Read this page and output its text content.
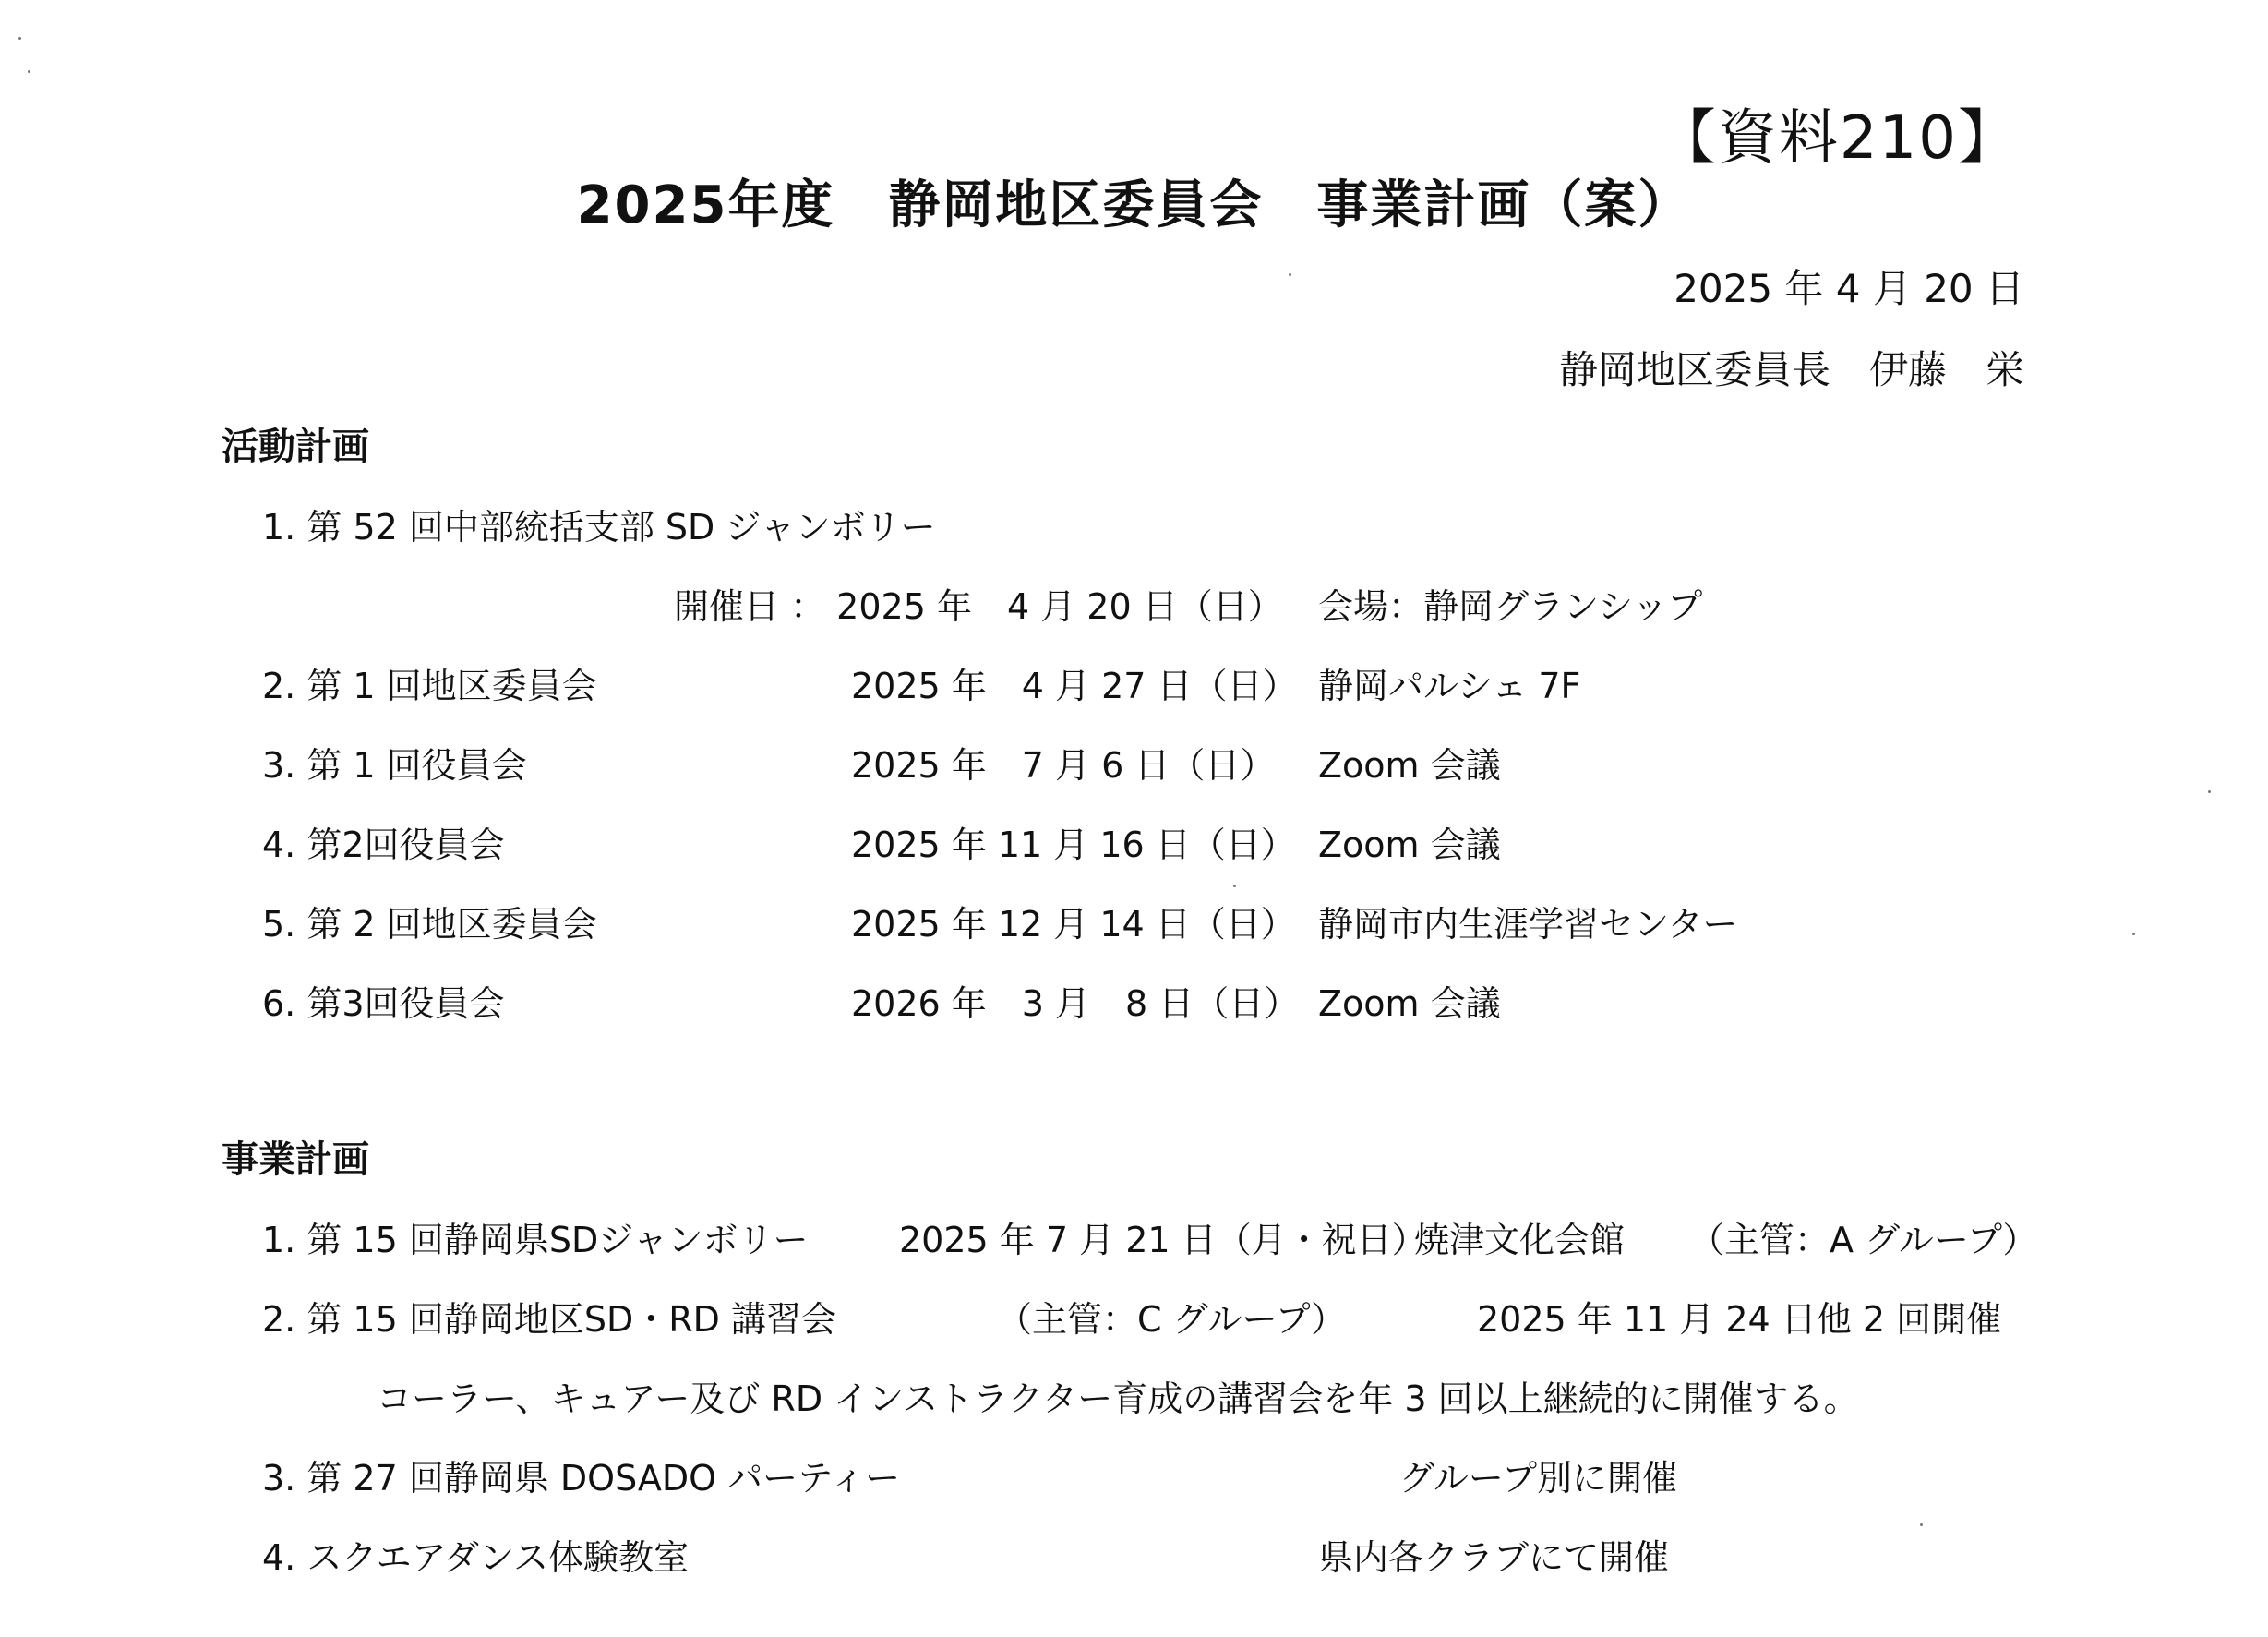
【資料210】
2025年度　静岡地区委員会　事業計画（案）
2025 年 4 月 20 日
静岡地区委員長　伊藤　栄
活動計画
1. 第 52 回中部統括支部 SD ジャンボリー
開催日 ： 2025 年　4 月 20 日（日） 会場：静岡グランシップ
2. 第 1 回地区委員会	2025 年　4 月 27 日（日） 静岡パルシェ 7F
3. 第 1 回役員会	2025 年　7 月 6 日（日） Zoom 会議
4. 第2回役員会	2025 年 11 月 16 日（日） Zoom 会議
5. 第 2 回地区委員会	2025 年 12 月 14 日（日） 静岡市内生涯学習センター
6. 第3回役員会	2026 年　3 月　8 日（日） Zoom 会議
事業計画
1. 第 15 回静岡県SDジャンボリー	2025 年 7 月 21 日（月・祝日）
焼津文化会館 （主管：A グループ）
2. 第 15 回静岡地区SD・RD 講習会	（主管：C グループ）	2025 年 11 月 24 日他 2 回開催
コーラー、キュアー及び RD インストラクター育成の講習会を年 3 回以上継続的に開催する。
3. 第 27 回静岡県 DOSADO パーティー	グループ別に開催
4. スクエアダンス体験教室	県内各クラブにて開催
